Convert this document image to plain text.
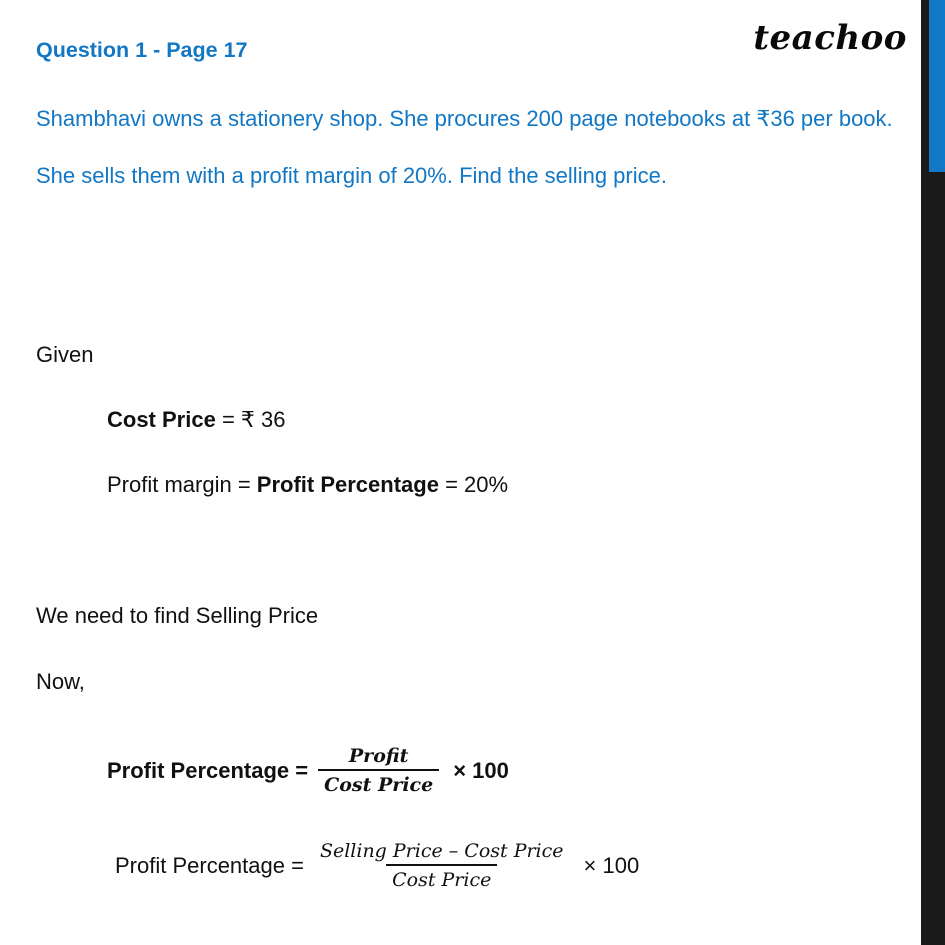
teachoo
Question 1 - Page 17
Shambhavi owns a stationery shop. She procures 200 page notebooks at ₹36 per book. She sells them with a profit margin of 20%. Find the selling price.
Given
Cost Price = ₹ 36
Profit margin = Profit Percentage = 20%
We need to find Selling Price
Now,
Profit Percentage = $\frac{\text{Profit}}{\text{Cost Price}} \times 100$
Profit Percentage = $\frac{\text{Selling Price – Cost Price}}{\text{Cost Price}} \times 100$
